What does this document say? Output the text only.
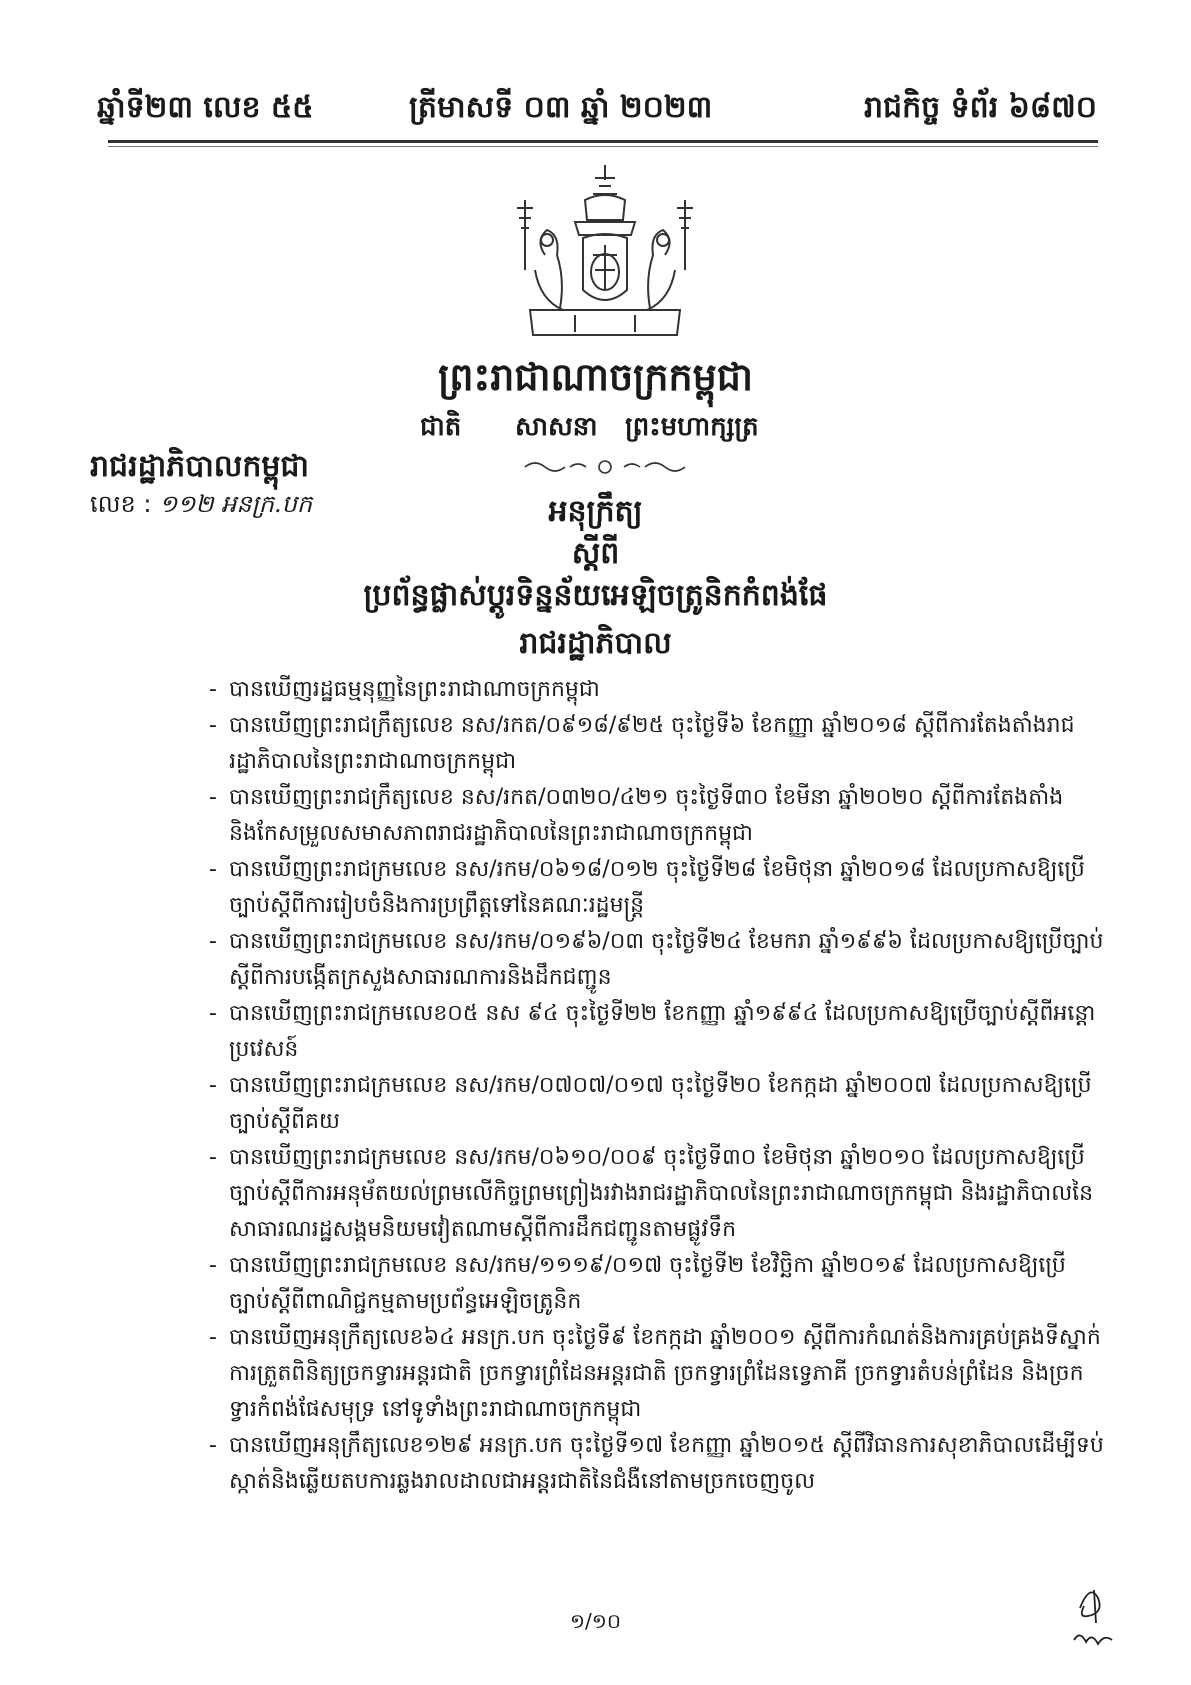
ឆ្នាំទី២៣ លេខ ៥៥	ត្រីមាសទី ០៣ ឆ្នាំ ២០២៣	រាជកិច្ច ទំព័រ ៦៨៧០
ព្រះរាជាណាចក្រកម្ពុជា
ជាតិ សាសនា ព្រះមហាក្សត្រ
រាជរដ្ឋាភិបាលកម្ពុជា
លេខ : ១១២ អនក្រ.បក	អនុក្រឹត្យ
ស្តីពី
ប្រព័ន្ធផ្លាស់ប្តូរទិន្នន័យអេឡិចត្រូនិកកំពង់ផែ
រាជរដ្ឋាភិបាល
- បានឃើញរដ្ឋធម្មនុញ្ញនៃព្រះរាជាណាចក្រកម្ពុជា
- បានឃើញព្រះរាជក្រឹត្យលេខ នស/រកត/០៩១៨/៩២៥ ចុះថ្ងៃទី៦ ខែកញ្ញា ឆ្នាំ២០១៨ ស្តីពីការតែងតាំងរាជរដ្ឋាភិបាលនៃព្រះរាជាណាចក្រកម្ពុជា
- បានឃើញព្រះរាជក្រឹត្យលេខ នស/រកត/០៣២០/៤២១ ចុះថ្ងៃទី៣០ ខែមីនា ឆ្នាំ២០២០ ស្តីពីការតែងតាំងនិងកែសម្រួលសមាសភាពរាជរដ្ឋាភិបាលនៃព្រះរាជាណាចក្រកម្ពុជា
- បានឃើញព្រះរាជក្រមលេខ នស/រកម/០៦១៨/០១២ ចុះថ្ងៃទី២៨ ខែមិថុនា ឆ្នាំ២០១៨ ដែលប្រកាសឱ្យប្រើច្បាប់ស្តីពីការរៀបចំនិងការប្រព្រឹត្តទៅនៃគណៈរដ្ឋមន្ត្រី
- បានឃើញព្រះរាជក្រមលេខ នស/រកម/០១៩៦/០៣ ចុះថ្ងៃទី២៤ ខែមករា ឆ្នាំ១៩៩៦ ដែលប្រកាសឱ្យប្រើច្បាប់ស្តីពីការបង្កើតក្រសួងសាធារណការនិងដឹកជញ្ជូន
- បានឃើញព្រះរាជក្រមលេខ០៥ នស ៩៤ ចុះថ្ងៃទី២២ ខែកញ្ញា ឆ្នាំ១៩៩៤ ដែលប្រកាសឱ្យប្រើច្បាប់ស្តីពីអន្តោប្រវេសន៍
- បានឃើញព្រះរាជក្រមលេខ នស/រកម/០៧០៧/០១៧ ចុះថ្ងៃទី២០ ខែកក្កដា ឆ្នាំ២០០៧ ដែលប្រកាសឱ្យប្រើច្បាប់ស្តីពីគយ
- បានឃើញព្រះរាជក្រមលេខ នស/រកម/០៦១០/០០៩ ចុះថ្ងៃទី៣០ ខែមិថុនា ឆ្នាំ២០១០ ដែលប្រកាសឱ្យប្រើច្បាប់ស្តីពីការអនុម័តយល់ព្រមលើកិច្ចព្រមព្រៀងរវាងរាជរដ្ឋាភិបាលនៃព្រះរាជាណាចក្រកម្ពុជា និងរដ្ឋាភិបាលនៃសាធារណរដ្ឋសង្គមនិយមវៀតណាមស្តីពីការដឹកជញ្ជូនតាមផ្លូវទឹក
- បានឃើញព្រះរាជក្រមលេខ នស/រកម/១១១៩/០១៧ ចុះថ្ងៃទី២ ខែវិច្ឆិកា ឆ្នាំ២០១៩ ដែលប្រកាសឱ្យប្រើច្បាប់ស្តីពីពាណិជ្ជកម្មតាមប្រព័ន្ធអេឡិចត្រូនិក
- បានឃើញអនុក្រឹត្យលេខ៦៤ អនក្រ.បក ចុះថ្ងៃទី៩ ខែកក្កដា ឆ្នាំ២០០១ ស្តីពីការកំណត់និងការគ្រប់គ្រងទីស្នាក់ការត្រួតពិនិត្យច្រកទ្វារអន្តរជាតិ ច្រកទ្វារព្រំដែនអន្តរជាតិ ច្រកទ្វារព្រំដែនទ្វេភាគី ច្រកទ្វារតំបន់ព្រំដែន និងច្រកទ្វារកំពង់ផែសមុទ្រ នៅទូទាំងព្រះរាជាណាចក្រកម្ពុជា
- បានឃើញអនុក្រឹត្យលេខ១២៩ អនក្រ.បក ចុះថ្ងៃទី១៧ ខែកញ្ញា ឆ្នាំ២០១៥ ស្តីពីវិធានការសុខាភិបាលដើម្បីទប់ស្កាត់និងឆ្លើយតបការឆ្លងរាលដាលជាអន្តរជាតិនៃជំងឺនៅតាមច្រកចេញចូល
១/១០
